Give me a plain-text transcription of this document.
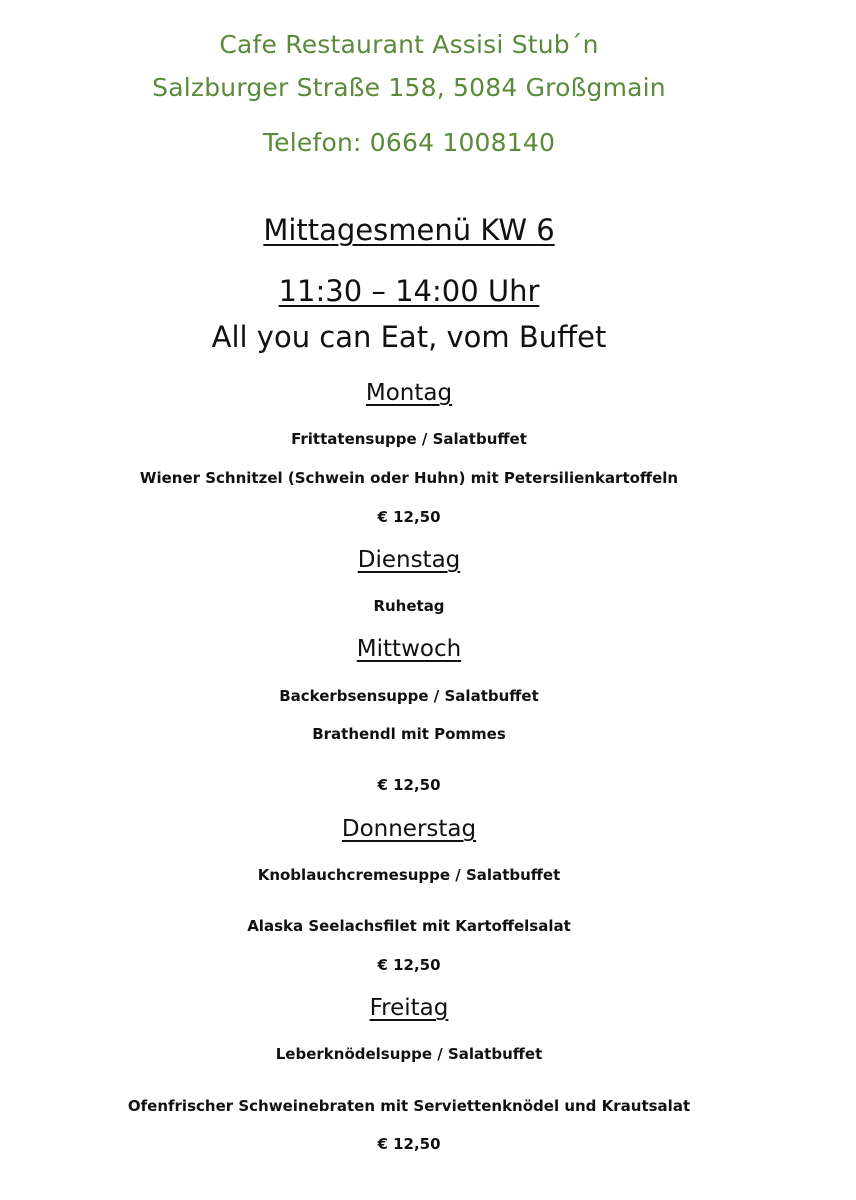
Cafe Restaurant Assisi Stub´n
Salzburger Straße 158, 5084 Großgmain
Telefon: 0664 1008140
Mittagesmenü KW 6
11:30 – 14:00 Uhr
All you can Eat, vom Buffet
Montag
Frittatensuppe / Salatbuffet
Wiener Schnitzel (Schwein oder Huhn) mit Petersilienkartoffeln
€ 12,50
Dienstag
Ruhetag
Mittwoch
Backerbsensuppe / Salatbuffet
Brathendl mit Pommes
€ 12,50
Donnerstag
Knoblauchcremesuppe / Salatbuffet
Alaska Seelachsfilet mit Kartoffelsalat
€ 12,50
Freitag
Leberknödelsuppe / Salatbuffet
Ofenfrischer Schweinebraten mit Serviettenknödel und Krautsalat
€ 12,50
